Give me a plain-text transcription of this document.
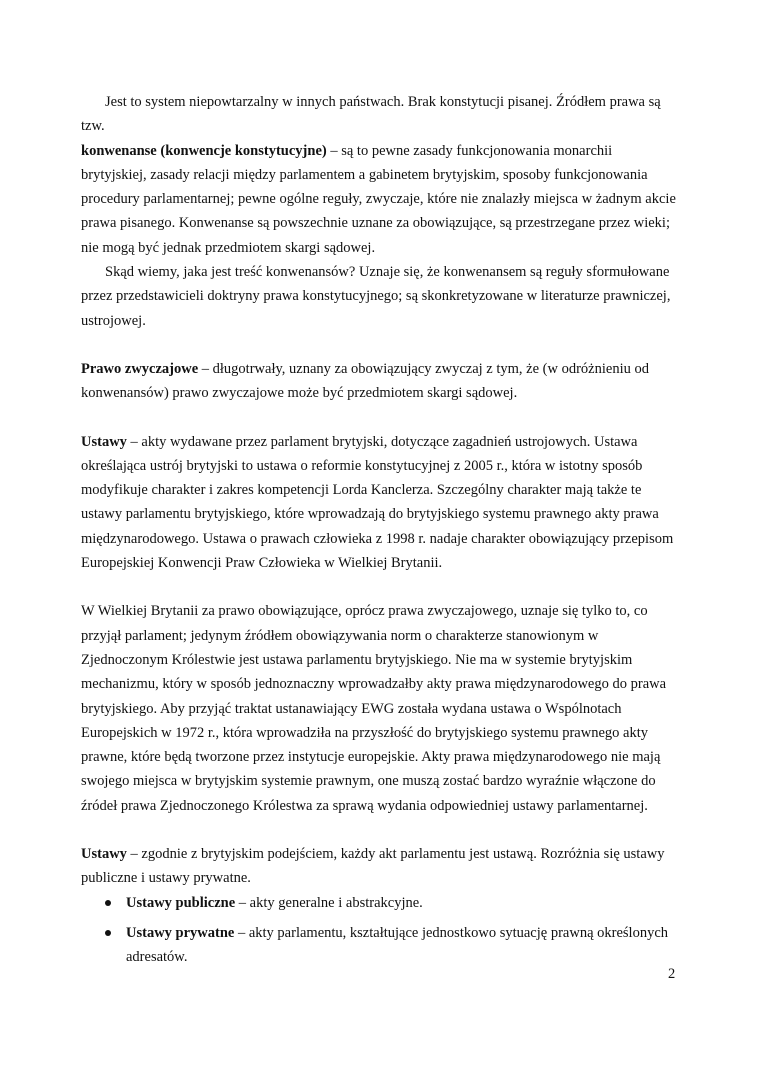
Jest to system niepowtarzalny w innych państwach. Brak konstytucji pisanej. Źródłem prawa są tzw.
konwenanse (konwencje konstytucyjne) – są to pewne zasady funkcjonowania monarchii brytyjskiej, zasady relacji między parlamentem a gabinetem brytyjskim, sposoby funkcjonowania procedury parlamentarnej; pewne ogólne reguły, zwyczaje, które nie znalazły miejsca w żadnym akcie prawa pisanego. Konwenanse są powszechnie uznane za obowiązujące, są przestrzegane przez wieki; nie mogą być jednak przedmiotem skargi sądowej.

Skąd wiemy, jaka jest treść konwenansów? Uznaje się, że konwenansem są reguły sformułowane przez przedstawicieli doktryny prawa konstytucyjnego; są skonkretyzowane w literaturze prawniczej, ustrojowej.

Prawo zwyczajowe – długotrwały, uznany za obowiązujący zwyczaj z tym, że (w odróżnieniu od konwenansów) prawo zwyczajowe może być przedmiotem skargi sądowej.

Ustawy – akty wydawane przez parlament brytyjski, dotyczące zagadnień ustrojowych. Ustawa określająca ustrój brytyjski to ustawa o reformie konstytucyjnej z 2005 r., która w istotny sposób modyfikuje charakter i zakres kompetencji Lorda Kanclerza. Szczególny charakter mają także te ustawy parlamentu brytyjskiego, które wprowadzają do brytyjskiego systemu prawnego akty prawa międzynarodowego. Ustawa o prawach człowieka z 1998 r. nadaje charakter obowiązujący przepisom Europejskiej Konwencji Praw Człowieka w Wielkiej Brytanii.

W Wielkiej Brytanii za prawo obowiązujące, oprócz prawa zwyczajowego, uznaje się tylko to, co przyjął parlament; jedynym źródłem obowiązywania norm o charakterze stanowionym w Zjednoczonym Królestwie jest ustawa parlamentu brytyjskiego. Nie ma w systemie brytyjskim mechanizmu, który w sposób jednoznaczny wprowadzałby akty prawa międzynarodowego do prawa brytyjskiego. Aby przyjąć traktat ustanawiający EWG została wydana ustawa o Wspólnotach Europejskich w 1972 r., która wprowadziła na przyszłość do brytyjskiego systemu prawnego akty prawne, które będą tworzone przez instytucje europejskie. Akty prawa międzynarodowego nie mają swojego miejsca w brytyjskim systemie prawnym, one muszą zostać bardzo wyraźnie włączone do źródeł prawa Zjednoczonego Królestwa za sprawą wydania odpowiedniej ustawy parlamentarnej.

Ustawy – zgodnie z brytyjskim podejściem, każdy akt parlamentu jest ustawą. Rozróżnia się ustawy publiczne i ustawy prywatne.

Ustawy publiczne – akty generalne i abstrakcyjne.
Ustawy prywatne – akty parlamentu, kształtujące jednostkowo sytuację prawną określonych adresatów.
2
